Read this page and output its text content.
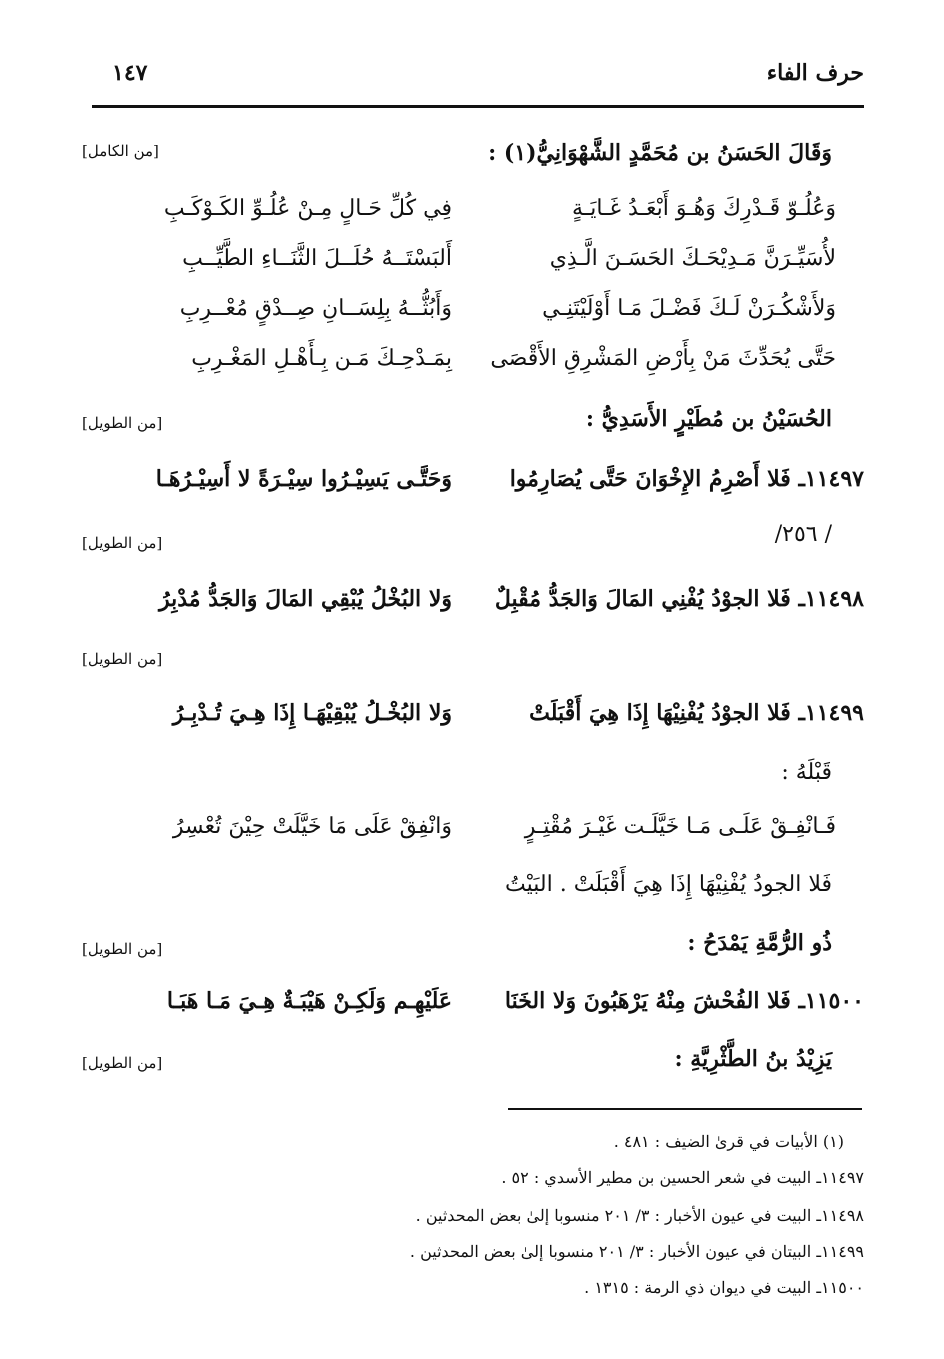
١٤٧	حرف الفاء
[من الكامل]	وَقَالَ الحَسَنُ بن مُحَمَّدٍ الشَّهْوَانِيُّ(١) :
وَعُلُـوّ قَـدْرِكَ وَهُـوَ أَبْعَـدُ غَـايَـةٍ
فِي كُلِّ حَـالٍ مِـنْ عُلُـوِّ الكَـوْكَـبِ
لأُسَيِّـرَنَّ مَـدِيْحَـكَ الحَسَـنَ الَّـذِي
أَلبَسْتَــهُ حُلَــلَ الثَّنَــاءِ الطَّيِّــبِ
وَلأَشْكُـرَنْ لَـكَ فَضْـلَ مَـا أَوْلَيْتَنِـي
وَأَبُثُّــهُ بِلِسَــانِ صِــدْقٍ مُعْــرِبِ
حَتَّى يُحَدِّثَ مَنْ بِأَرْضِ المَشْرِقِ الأَقْصَى
بِمَـدْحِـكَ مَـن بِـأَهْـلِ المَغْـرِبِ
[من الطويل]	الحُسَيْنُ بن مُطَيْرٍ الأَسَدِيُّ :
١١٤٩٧ـ فَلا أَصْرِمُ الإِخْوَانَ حَتَّى يُصَارِمُوا
وَحَتَّـى يَسِيْـرُوا سِيْـرَةً لا أَسِيْـرُهَـا
/ ٢٥٦/
[من الطويل]
١١٤٩٨ـ فَلا الجوْدُ يُفْنِي المَالَ وَالجَدُّ مُقْبِلٌ
وَلا البُخْلُ يُبْقِي المَالَ وَالجَدُّ مُدْبِرُ
[من الطويل]
١١٤٩٩ـ فَلا الجوْدُ يُفْنِيْهَا إِذَا هِيَ أَقْبَلَتْ
وَلا البُخْـلُ يُبْقِيْهَـا إِذَا هِـيَ تُـدْبِـرُ
قَبْلَهُ :
فَـانْفِـقْ عَلَـى مَـا خَيَّلَـت غَيْـرَ مُقْتِـرٍ
وَانْفِقْ عَلَى مَا خَيَّلَتْ حِيْنَ تُعْسِرُ
فَلا الجودُ يُفْنِيْهَا إِذَا هِيَ أَقْبَلَتْ . البَيْتُ
[من الطويل]	ذُو الرُّمَّةِ يَمْدَحُ :
١١٥٠٠ـ فَلا الفُحْشَ مِنْهُ يَرْهَبُونَ وَلا الخَنَا
عَلَيْهِـم وَلَكِـنْ هَيْبَـةٌ هِـيَ مَـا هَبَـا
[من الطويل]	يَزِيْدُ بنُ الطَّثْرِيَّةِ :
(١) الأبيات في قرىٰ الضيف : ٤٨١ .
١١٤٩٧ـ البيت في شعر الحسين بن مطير الأسدي : ٥٢ .
١١٤٩٨ـ البيت في عيون الأخبار : ٣/ ٢٠١ منسوبا إلىٰ بعض المحدثين .
١١٤٩٩ـ البيتان في عيون الأخبار : ٣/ ٢٠١ منسوبا إلىٰ بعض المحدثين .
١١٥٠٠ـ البيت في ديوان ذي الرمة : ١٣١٥ .
